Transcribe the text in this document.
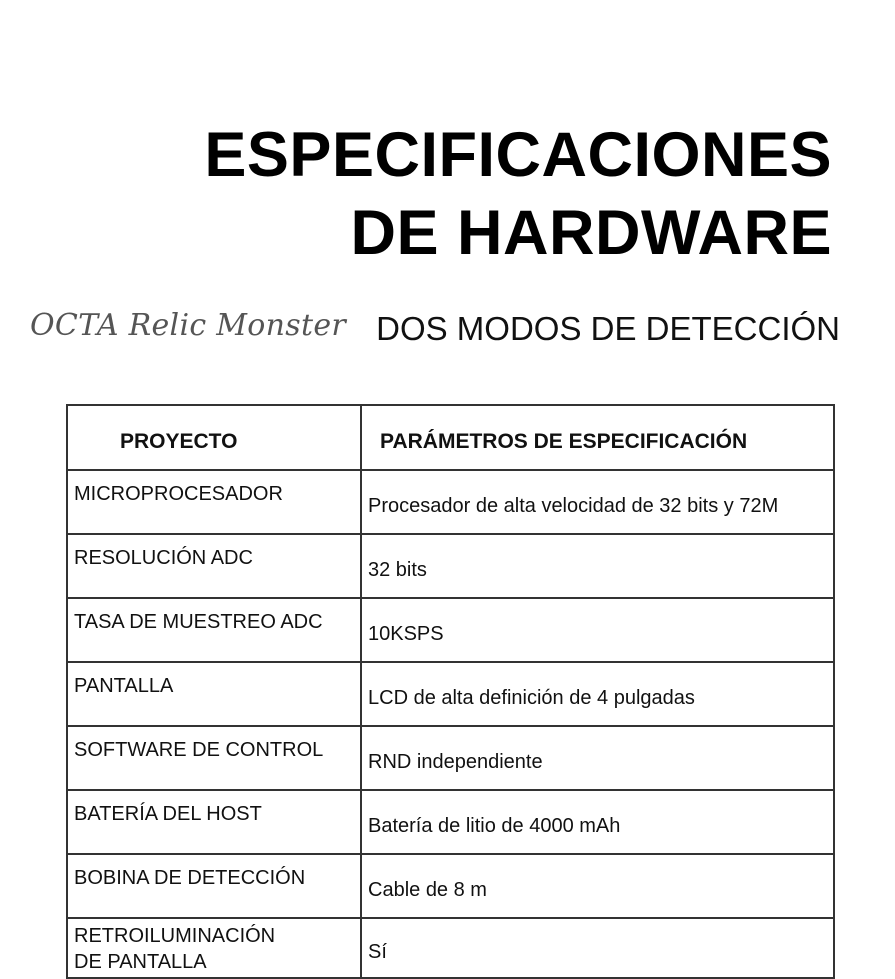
ESPECIFICACIONES
DE HARDWARE
OCTA Relic Monster DOS MODOS DE DETECCIÓN
PROYECTO	PARÁMETROS DE ESPECIFICACIÓN
MICROPROCESADOR	Procesador de alta velocidad de 32 bits y 72M
RESOLUCIÓN ADC	32 bits
TASA DE MUESTREO ADC	10KSPS
PANTALLA	LCD de alta definición de 4 pulgadas
SOFTWARE DE CONTROL	RND independiente
BATERÍA DEL HOST	Batería de litio de 4000 mAh
BOBINA DE DETECCIÓN	Cable de 8 m
RETROILUMINACIÓN
DE PANTALLA	Sí
